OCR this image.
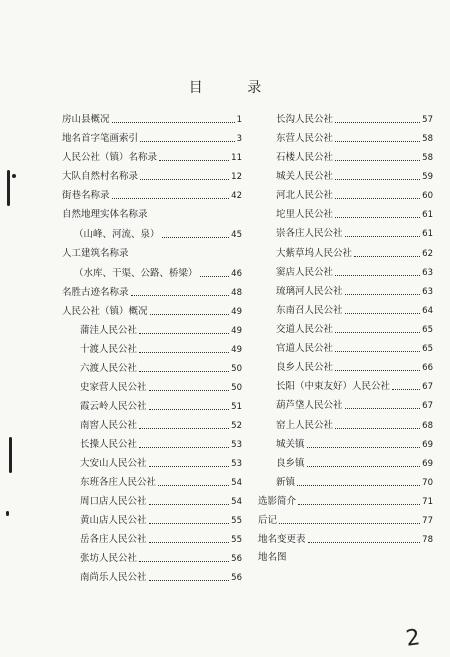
目	录
房山县概况	1
地名首字笔画索引	3
人民公社（镇）名称录	11
大队自然村名称录	12
街巷名称录	42
自然地理实体名称录
（山峰、河流、泉）	45
人工建筑名称录
（水库、干渠、公路、桥梁）	46
名胜古迹名称录	48
人民公社（镇）概况	49
蒲洼人民公社	49
十渡人民公社	49
六渡人民公社	50
史家营人民公社	50
霞云岭人民公社	51
南窖人民公社	52
长操人民公社	53
大安山人民公社	53
东班各庄人民公社	54
周口店人民公社	54
黄山店人民公社	55
岳各庄人民公社	55
张坊人民公社	56
南尚乐人民公社	56
长沟人民公社	57
东营人民公社	58
石楼人民公社	58
城关人民公社	59
河北人民公社	60
坨里人民公社	61
崇各庄人民公社	61
大紫草坞人民公社	62
窦店人民公社	63
琉璃河人民公社	63
东南召人民公社	64
交道人民公社	65
官道人民公社	65
良乡人民公社	66
长阳（中束友好）人民公社	67
葫芦垡人民公社	67
窑上人民公社	68
城关镇	69
良乡镇	69
新镇	70
选影简介	71
后记	77
地名变更表	78
地名图
2
